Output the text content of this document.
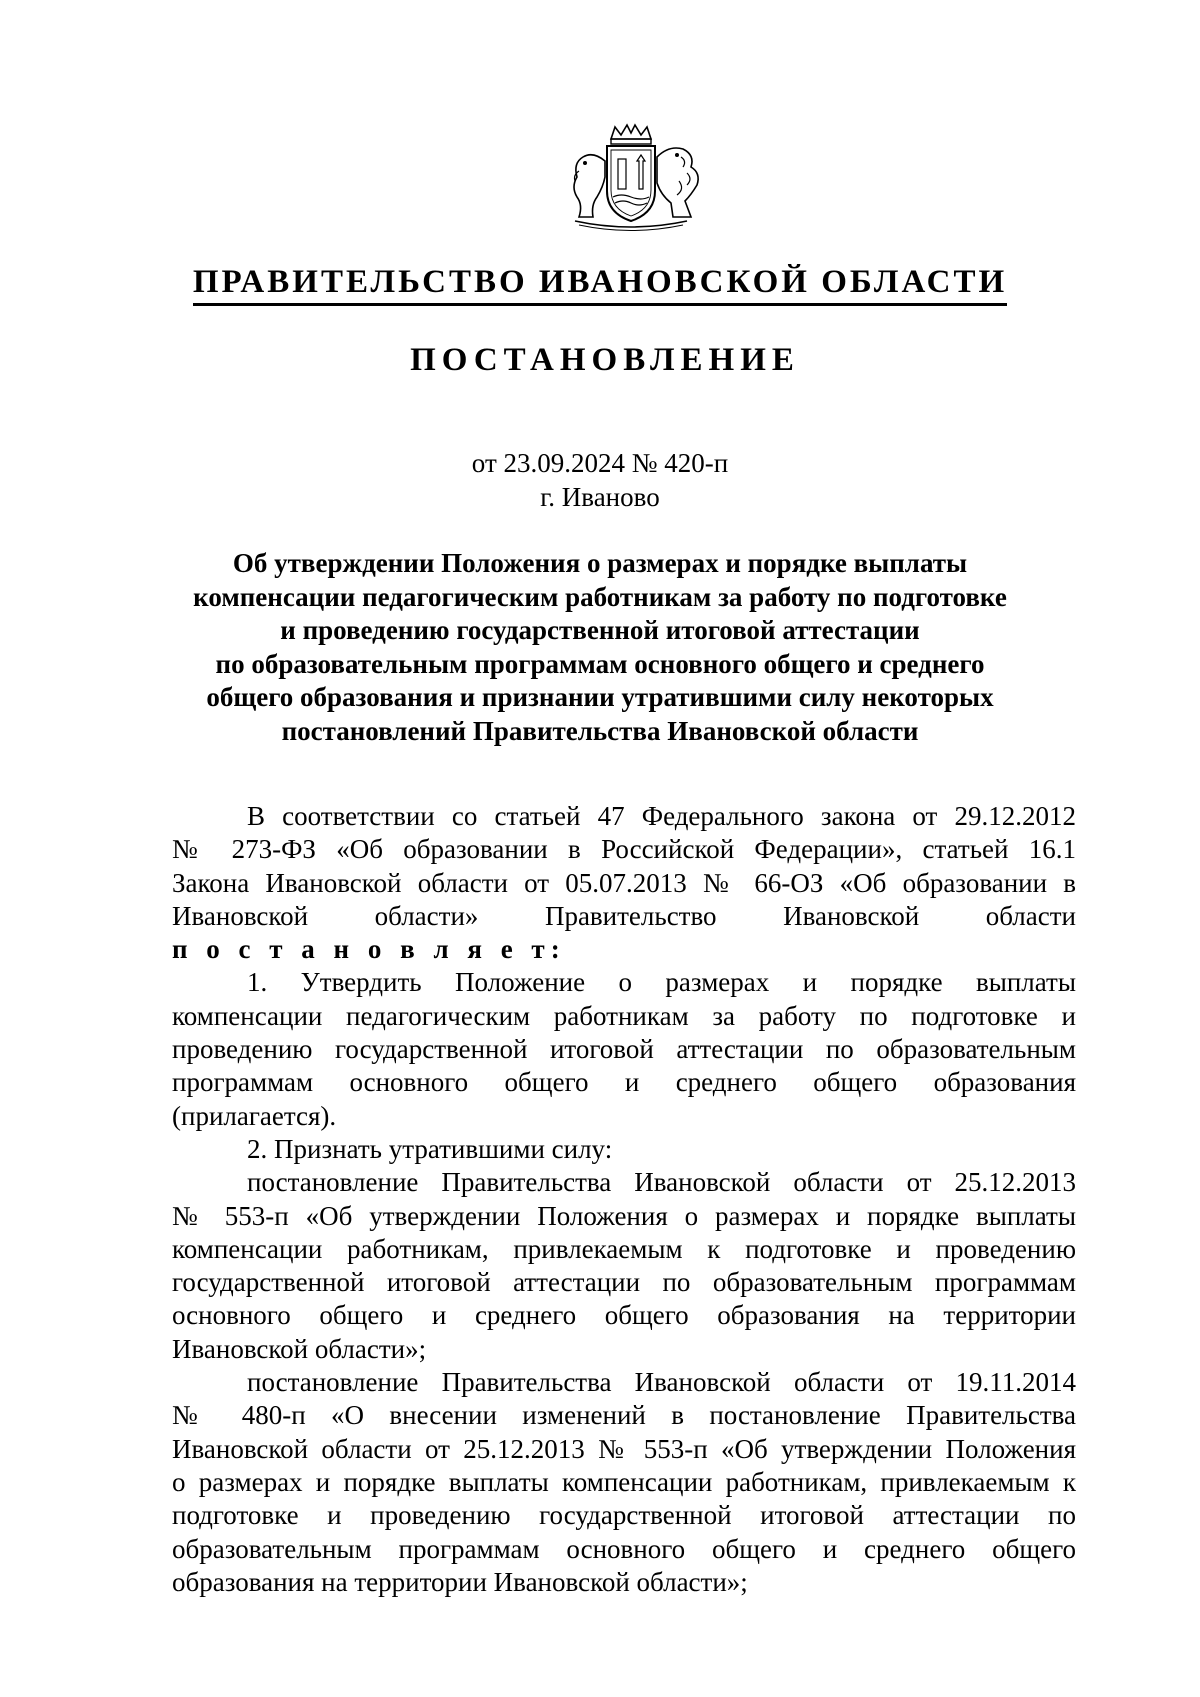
ПРАВИТЕЛЬСТВО ИВАНОВСКОЙ ОБЛАСТИ
ПОСТАНОВЛЕНИЕ
от 23.09.2024 № 420-п
г. Иваново
Об утверждении Положения о размерах и порядке выплаты
компенсации педагогическим работникам за работу по подготовке
и проведению государственной итоговой аттестации
по образовательным программам основного общего и среднего
общего образования и признании утратившими силу некоторых
постановлений Правительства Ивановской области
В соответствии со статьей 47 Федерального закона от 29.12.2012
№ 273-ФЗ «Об образовании в Российской Федерации», статьей 16.1
Закона Ивановской области от 05.07.2013 № 66-ОЗ «Об образовании в
Ивановской области» Правительство Ивановской области
п о с т а н о в л я е т:
1. Утвердить Положение о размерах и порядке выплаты
компенсации педагогическим работникам за работу по подготовке и
проведению государственной итоговой аттестации по образовательным
программам основного общего и среднего общего образования
(прилагается).
2. Признать утратившими силу:
постановление Правительства Ивановской области от 25.12.2013
№ 553-п «Об утверждении Положения о размерах и порядке выплаты
компенсации работникам, привлекаемым к подготовке и проведению
государственной итоговой аттестации по образовательным программам
основного общего и среднего общего образования на территории
Ивановской области»;
постановление Правительства Ивановской области от 19.11.2014
№ 480-п «О внесении изменений в постановление Правительства
Ивановской области от 25.12.2013 № 553-п «Об утверждении Положения
о размерах и порядке выплаты компенсации работникам, привлекаемым к
подготовке и проведению государственной итоговой аттестации по
образовательным программам основного общего и среднего общего
образования на территории Ивановской области»;
